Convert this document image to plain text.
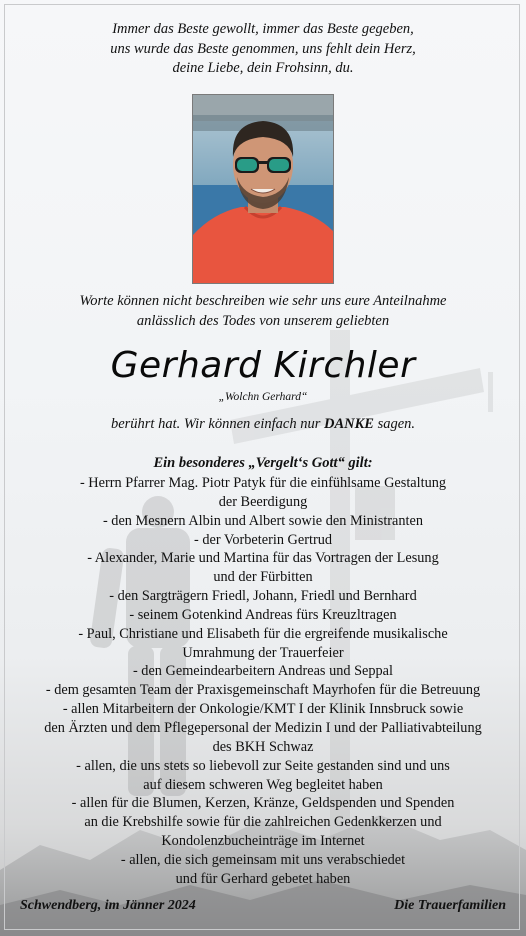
Immer das Beste gewollt, immer das Beste gegeben,
uns wurde das Beste genommen, uns fehlt dein Herz,
deine Liebe, dein Frohsinn, du.
Worte können nicht beschreiben wie sehr uns eure Anteilnahme
anlässlich des Todes von unserem geliebten
Gerhard Kirchler
„Wolchn Gerhard“
berührt hat. Wir können einfach nur DANKE sagen.
Ein besonderes „Vergelt‘s Gott“ gilt:
- Herrn Pfarrer Mag. Piotr Patyk für die einfühlsame Gestaltung
der Beerdigung
- den Mesnern Albin und Albert sowie den Ministranten
- der Vorbeterin Gertrud
- Alexander, Marie und Martina für das Vortragen der Lesung
und der Fürbitten
- den Sargträgern Friedl, Johann, Friedl und Bernhard
- seinem Gotenkind Andreas fürs Kreuzltragen
- Paul, Christiane und Elisabeth für die ergreifende musikalische
Umrahmung der Trauerfeier
- den Gemeindearbeitern Andreas und Seppal
- dem gesamten Team der Praxisgemeinschaft Mayrhofen für die Betreuung
- allen Mitarbeitern der Onkologie/KMT I der Klinik Innsbruck sowie
den Ärzten und dem Pflegepersonal der Medizin I und der Palliativabteilung
des BKH Schwaz
- allen, die uns stets so liebevoll zur Seite gestanden sind und uns
auf diesem schweren Weg begleitet haben
- allen für die Blumen, Kerzen, Kränze, Geldspenden und Spenden
an die Krebshilfe sowie für die zahlreichen Gedenkkerzen und
Kondolenzbucheinträge im Internet
- allen, die sich gemeinsam mit uns verabschiedet
und für Gerhard gebetet haben
Schwendberg, im Jänner 2024	Die Trauerfamilien
